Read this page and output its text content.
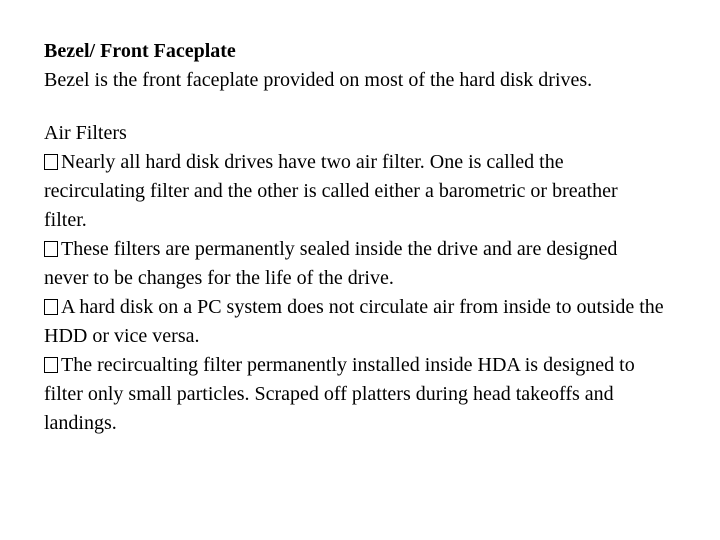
Bezel/ Front Faceplate
Bezel is the front faceplate provided on most of the hard disk drives.
Air Filters
Nearly all hard disk drives have two air filter. One is called the recirculating filter and the other is called either a barometric or breather filter.
These filters are permanently sealed inside the drive and are designed never to be changes for the life of the drive.
A hard disk on a PC system does not circulate air from inside to outside the HDD or vice versa.
The recircualting filter permanently installed inside HDA is designed to filter only small particles. Scraped off platters during head takeoffs and landings.
